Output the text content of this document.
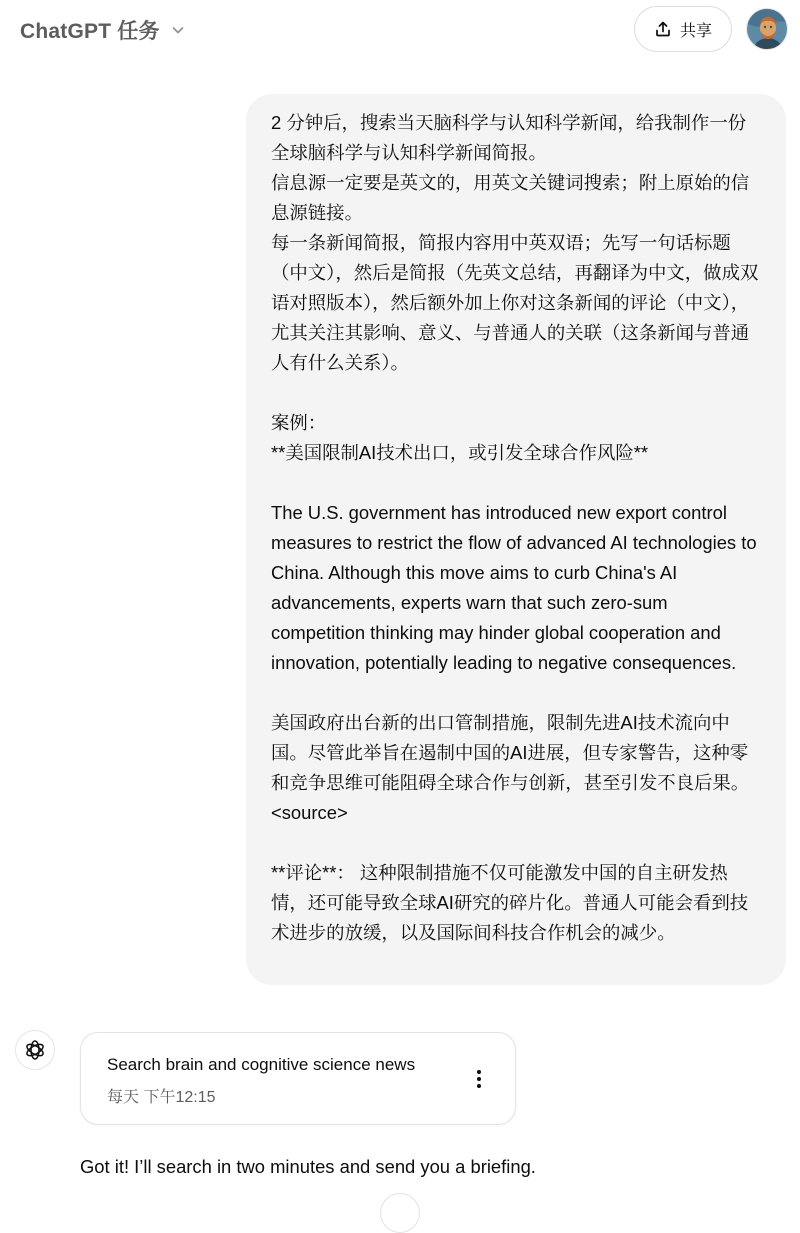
ChatGPT 任务	共享

2 分钟后，搜索当天脑科学与认知科学新闻，给我制作一份全球脑科学与认知科学新闻简报。

信息源一定要是英文的，用英文关键词搜索；附上原始的信息源链接。

每一条新闻简报，简报内容用中英双语；先写一句话标题（中文），然后是简报（先英文总结，再翻译为中文，做成双语对照版本），然后额外加上你对这条新闻的评论（中文），尤其关注其影响、意义、与普通人的关联（这条新闻与普通人有什么关系）。

案例：

**美国限制AI技术出口，或引发全球合作风险**

The U.S. government has introduced new export control measures to restrict the flow of advanced AI technologies to China. Although this move aims to curb China's AI advancements, experts warn that such zero-sum competition thinking may hinder global cooperation and innovation, potentially leading to negative consequences.

美国政府出台新的出口管制措施，限制先进AI技术流向中国。尽管此举旨在遏制中国的AI进展，但专家警告，这种零和竞争思维可能阻碍全球合作与创新，甚至引发不良后果。

<source>

**评论**： 这种限制措施不仅可能激发中国的自主研发热情，还可能导致全球AI研究的碎片化。普通人可能会看到技术进步的放缓，以及国际间科技合作机会的减少。

Search brain and cognitive science news
每天 下午12:15
Got it! I’ll search in two minutes and send you a briefing.
